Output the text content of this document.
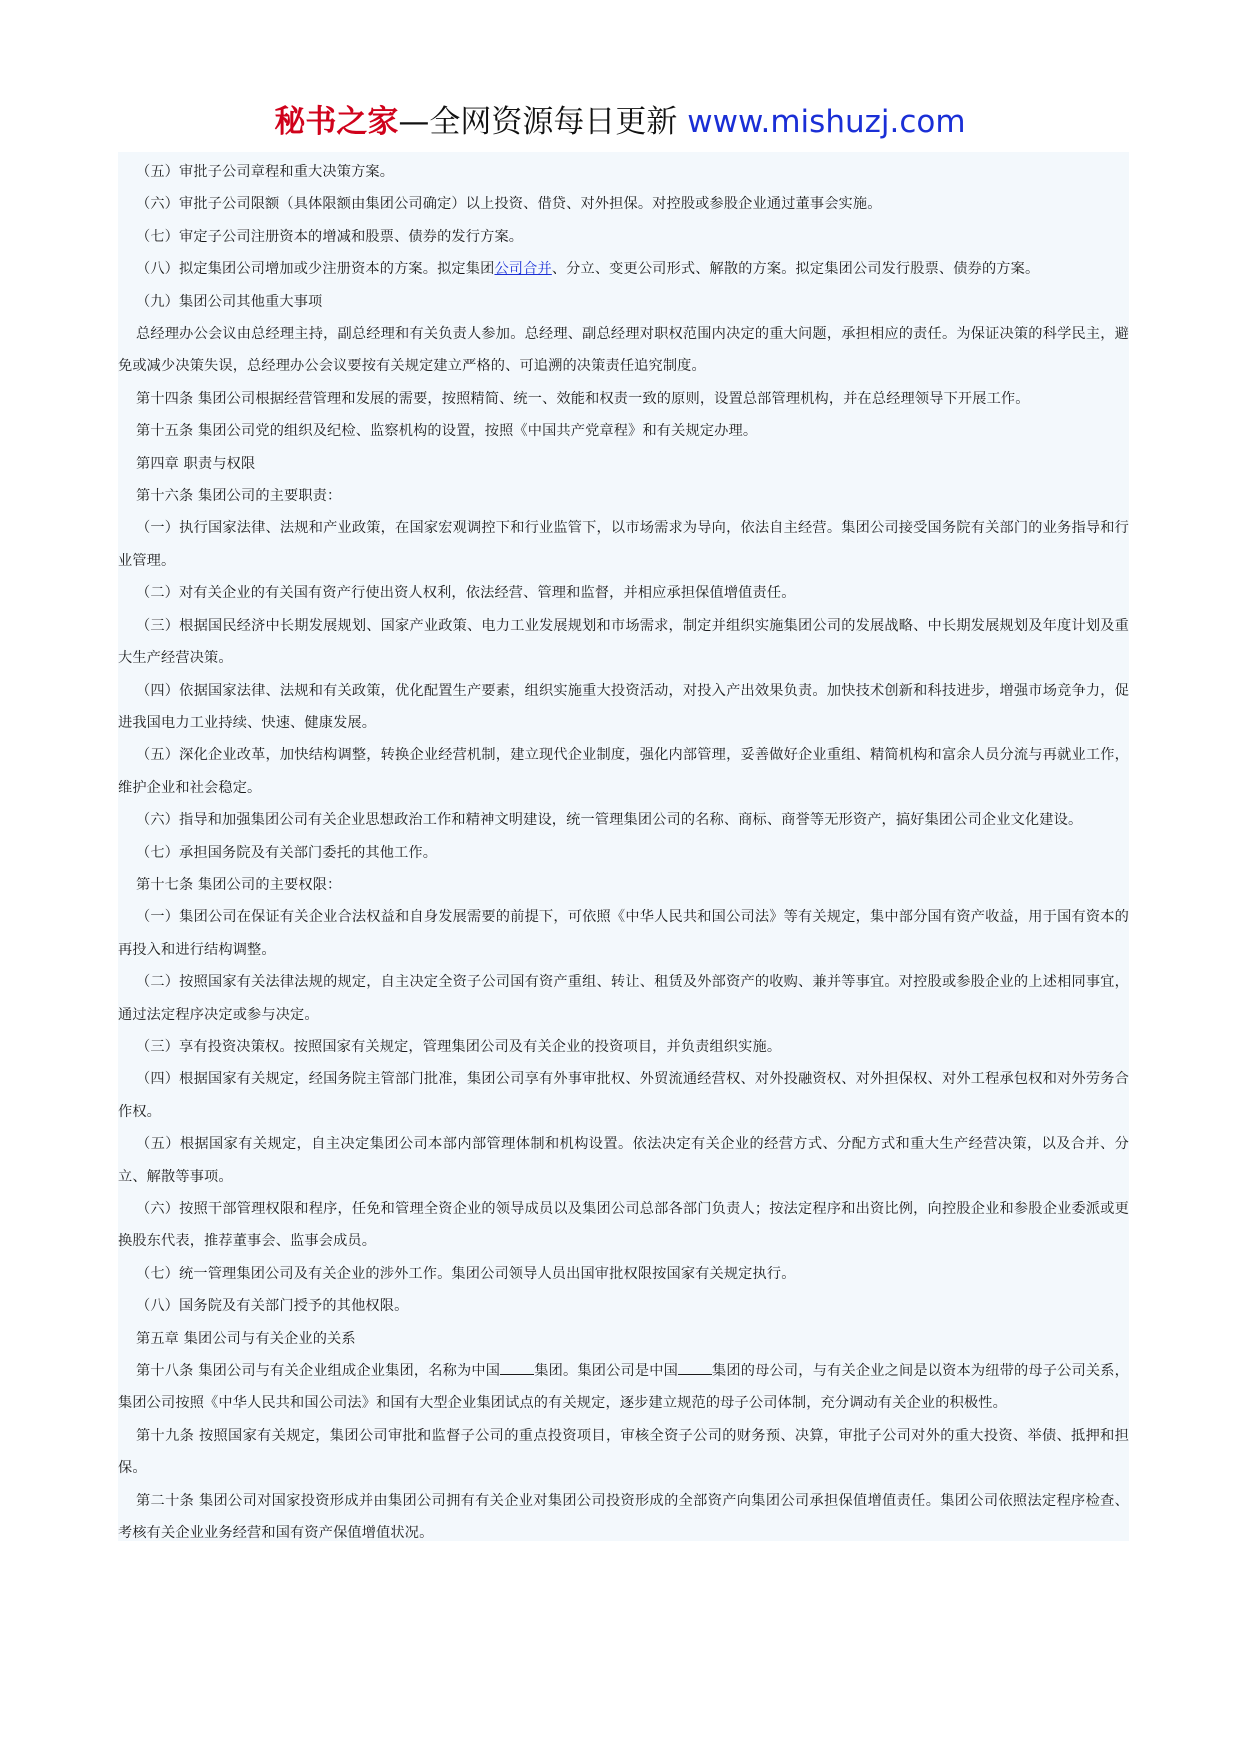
秘书之家—全网资源每日更新 www.mishuzj.com

（五）审批子公司章程和重大决策方案。

（六）审批子公司限额（具体限额由集团公司确定）以上投资、借贷、对外担保。对控股或参股企业通过董事会实施。

（七）审定子公司注册资本的增减和股票、债券的发行方案。

（八）拟定集团公司增加或少注册资本的方案。拟定集团公司合并、分立、变更公司形式、解散的方案。拟定集团公司发行股票、债券的方案。

（九）集团公司其他重大事项

总经理办公会议由总经理主持，副总经理和有关负责人参加。总经理、副总经理对职权范围内决定的重大问题，承担相应的责任。为保证决策的科学民主，避免或减少决策失误，总经理办公会议要按有关规定建立严格的、可追溯的决策责任追究制度。

第十四条 集团公司根据经营管理和发展的需要，按照精简、统一、效能和权责一致的原则，设置总部管理机构，并在总经理领导下开展工作。

第十五条 集团公司党的组织及纪检、监察机构的设置，按照《中国共产党章程》和有关规定办理。

第四章 职责与权限

第十六条 集团公司的主要职责：

（一）执行国家法律、法规和产业政策，在国家宏观调控下和行业监管下，以市场需求为导向，依法自主经营。集团公司接受国务院有关部门的业务指导和行业管理。

（二）对有关企业的有关国有资产行使出资人权利，依法经营、管理和监督，并相应承担保值增值责任。

（三）根据国民经济中长期发展规划、国家产业政策、电力工业发展规划和市场需求，制定并组织实施集团公司的发展战略、中长期发展规划及年度计划及重大生产经营决策。

（四）依据国家法律、法规和有关政策，优化配置生产要素，组织实施重大投资活动，对投入产出效果负责。加快技术创新和科技进步，增强市场竞争力，促进我国电力工业持续、快速、健康发展。

（五）深化企业改革，加快结构调整，转换企业经营机制，建立现代企业制度，强化内部管理，妥善做好企业重组、精简机构和富余人员分流与再就业工作，维护企业和社会稳定。

（六）指导和加强集团公司有关企业思想政治工作和精神文明建设，统一管理集团公司的名称、商标、商誉等无形资产，搞好集团公司企业文化建设。

（七）承担国务院及有关部门委托的其他工作。

第十七条 集团公司的主要权限：

（一）集团公司在保证有关企业合法权益和自身发展需要的前提下，可依照《中华人民共和国公司法》等有关规定，集中部分国有资产收益，用于国有资本的再投入和进行结构调整。

（二）按照国家有关法律法规的规定，自主决定全资子公司国有资产重组、转让、租赁及外部资产的收购、兼并等事宜。对控股或参股企业的上述相同事宜，通过法定程序决定或参与决定。

（三）享有投资决策权。按照国家有关规定，管理集团公司及有关企业的投资项目，并负责组织实施。

（四）根据国家有关规定，经国务院主管部门批准，集团公司享有外事审批权、外贸流通经营权、对外投融资权、对外担保权、对外工程承包权和对外劳务合作权。

（五）根据国家有关规定，自主决定集团公司本部内部管理体制和机构设置。依法决定有关企业的经营方式、分配方式和重大生产经营决策，以及合并、分立、解散等事项。

（六）按照干部管理权限和程序，任免和管理全资企业的领导成员以及集团公司总部各部门负责人；按法定程序和出资比例，向控股企业和参股企业委派或更换股东代表，推荐董事会、监事会成员。

（七）统一管理集团公司及有关企业的涉外工作。集团公司领导人员出国审批权限按国家有关规定执行。

（八）国务院及有关部门授予的其他权限。

第五章 集团公司与有关企业的关系

第十八条 集团公司与有关企业组成企业集团，名称为中国 集团。集团公司是中国 集团的母公司，与有关企业之间是以资本为纽带的母子公司关系，集团公司按照《中华人民共和国公司法》和国有大型企业集团试点的有关规定，逐步建立规范的母子公司体制，充分调动有关企业的积极性。

第十九条 按照国家有关规定，集团公司审批和监督子公司的重点投资项目，审核全资子公司的财务预、决算，审批子公司对外的重大投资、举债、抵押和担保。

第二十条 集团公司对国家投资形成并由集团公司拥有有关企业对集团公司投资形成的全部资产向集团公司承担保值增值责任。集团公司依照法定程序检查、考核有关企业业务经营和国有资产保值增值状况。
